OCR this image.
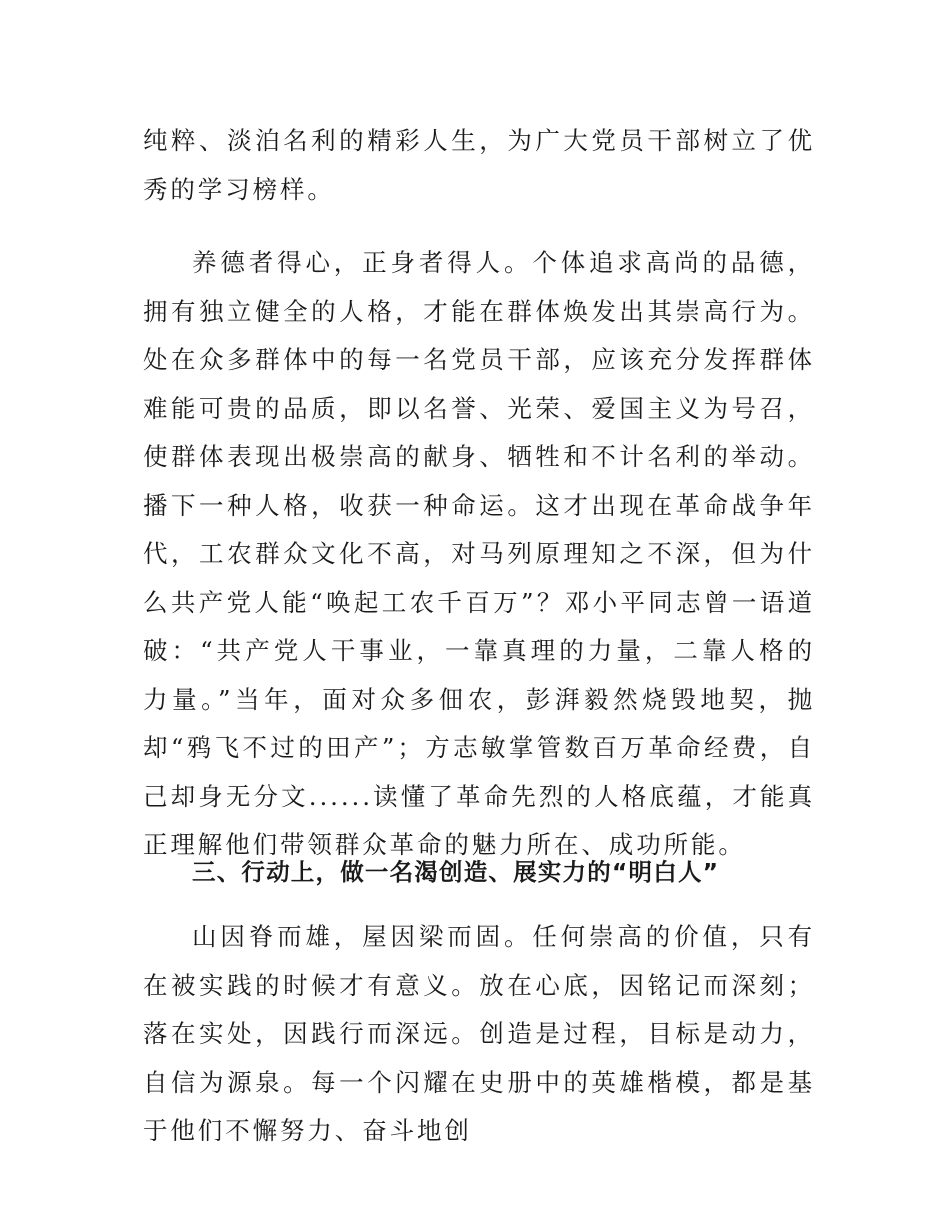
纯粹、淡泊名利的精彩人生，为广大党员干部树立了优秀的学习榜样。

养德者得心，正身者得人。个体追求高尚的品德，拥有独立健全的人格，才能在群体焕发出其崇高行为。处在众多群体中的每一名党员干部，应该充分发挥群体难能可贵的品质，即以名誉、光荣、爱国主义为号召，使群体表现出极崇高的献身、牺牲和不计名利的举动。播下一种人格，收获一种命运。这才出现在革命战争年代，工农群众文化不高，对马列原理知之不深，但为什么共产党人能“唤起工农千百万”？邓小平同志曾一语道破：“共产党人干事业，一靠真理的力量，二靠人格的力量。”当年，面对众多佃农，彭湃毅然烧毁地契，抛却“鸦飞不过的田产”；方志敏掌管数百万革命经费，自己却身无分文......读懂了革命先烈的人格底蕴，才能真正理解他们带领群众革命的魅力所在、成功所能。

三、行动上，做一名渴创造、展实力的“明白人”

山因脊而雄，屋因梁而固。任何崇高的价值，只有在被实践的时候才有意义。放在心底，因铭记而深刻；落在实处，因践行而深远。创造是过程，目标是动力，自信为源泉。每一个闪耀在史册中的英雄楷模，都是基于他们不懈努力、奋斗地创
